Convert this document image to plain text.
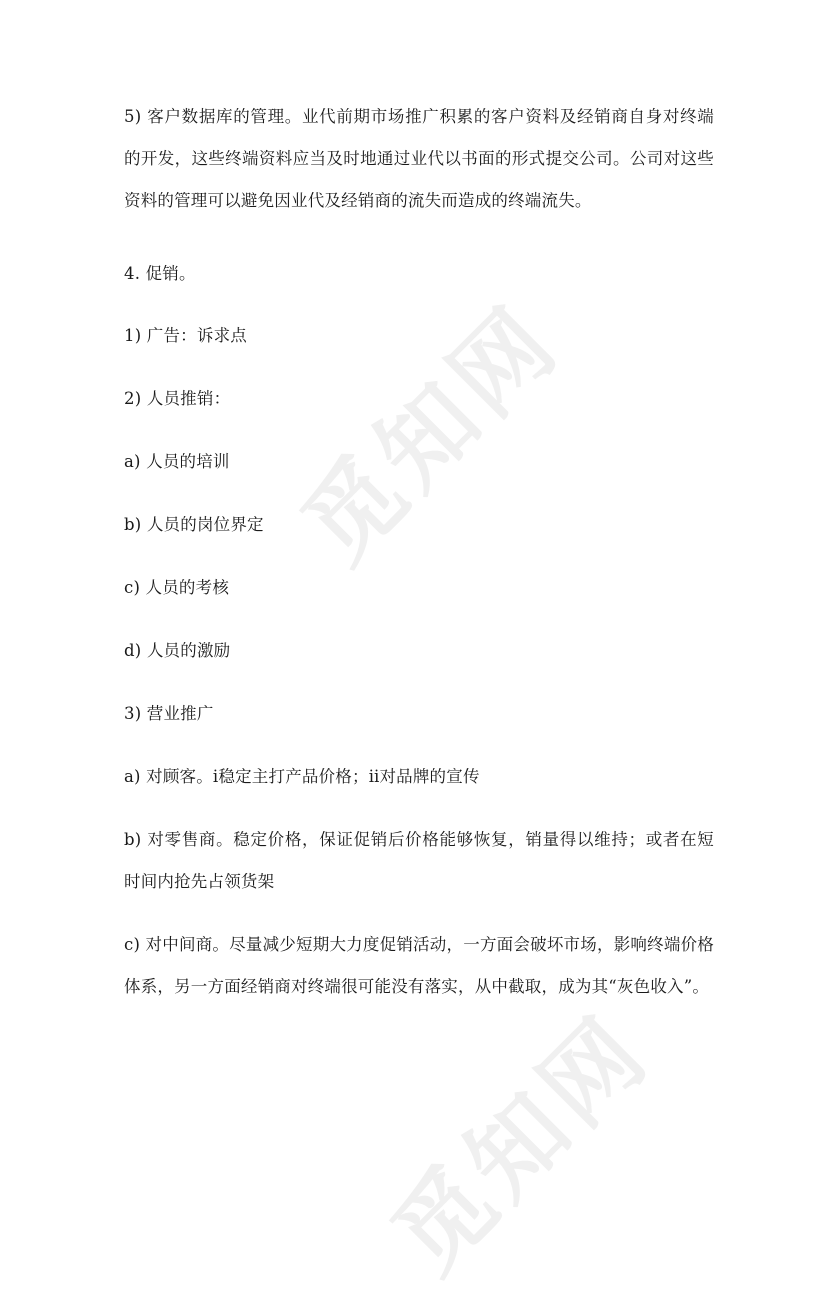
觅知网
觅知网

5) 客户数据库的管理。业代前期市场推广积累的客户资料及经销商自身对终端的开发，这些终端资料应当及时地通过业代以书面的形式提交公司。公司对这些资料的管理可以避免因业代及经销商的流失而造成的终端流失。

4. 促销。

1) 广告：诉求点

2) 人员推销：

a) 人员的培训

b) 人员的岗位界定

c) 人员的考核

d) 人员的激励

3) 营业推广

a) 对顾客。ⅰ稳定主打产品价格；ⅱ对品牌的宣传

b) 对零售商。稳定价格，保证促销后价格能够恢复，销量得以维持；或者在短时间内抢先占领货架

c) 对中间商。尽量减少短期大力度促销活动，一方面会破坏市场，影响终端价格体系，另一方面经销商对终端很可能没有落实，从中截取，成为其“灰色收入”。
